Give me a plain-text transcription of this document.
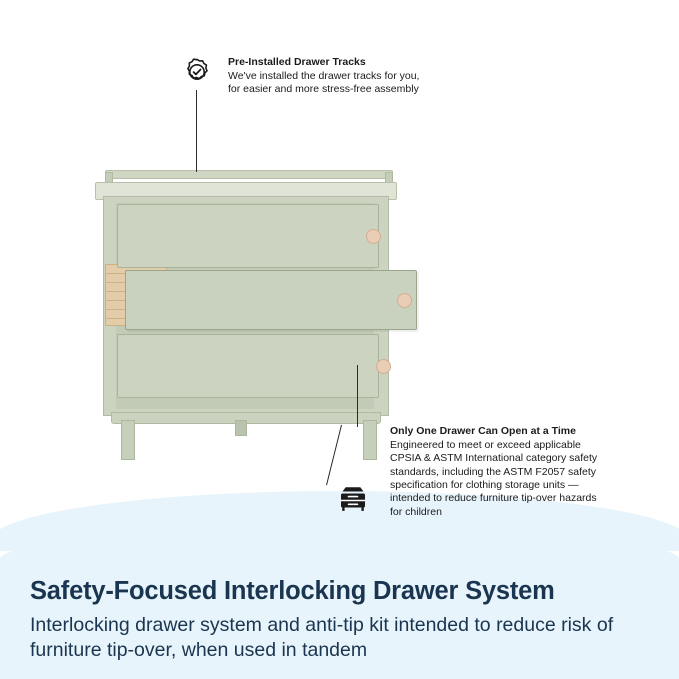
Pre-Installed Drawer Tracks

We've installed the drawer tracks for you, for easier and more stress-free assembly

Only One Drawer Can Open at a Time

Engineered to meet or exceed applicable CPSIA & ASTM International category safety standards, including the ASTM F2057 safety specification for clothing storage units — intended to reduce furniture tip-over hazards for children

Safety-Focused Interlocking Drawer System

Interlocking drawer system and anti-tip kit intended to reduce risk of furniture tip-over, when used in tandem
